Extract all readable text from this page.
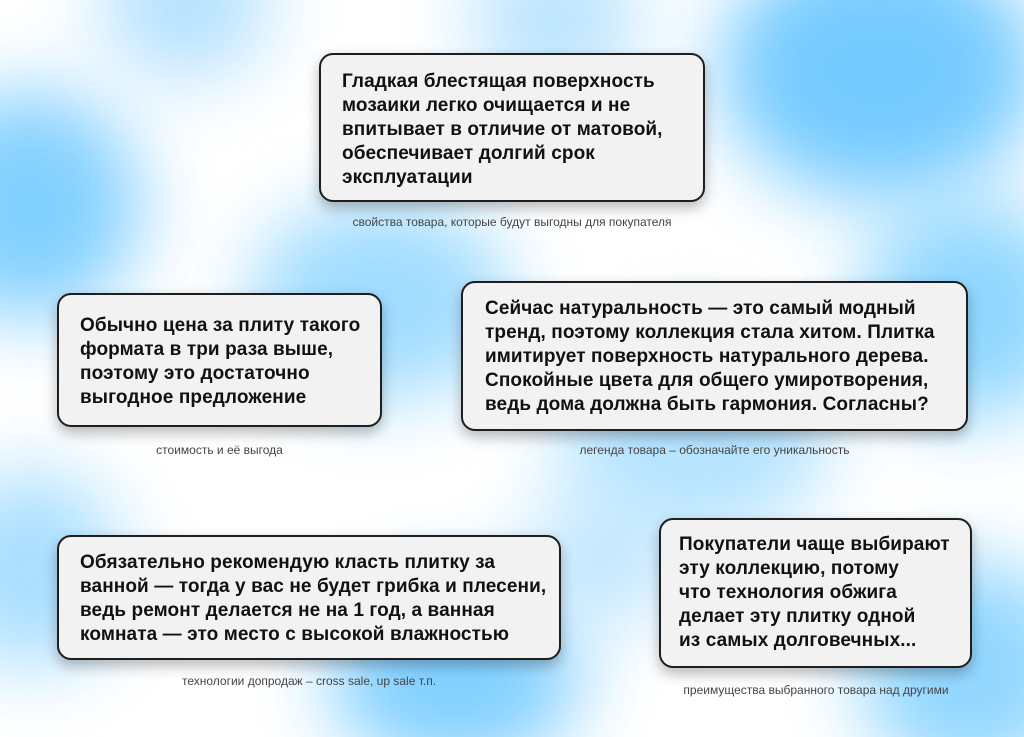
Гладкая блестящая поверхность
мозаики легко очищается и не
впитывает в отличие от матовой,
обеспечивает долгий срок
эксплуатации

свойства товара, которые будут выгодны для покупателя

Обычно цена за плиту такого
формата в три раза выше,
поэтому это достаточно
выгодное предложение

стоимость и её выгода

Сейчас натуральность — это самый модный
тренд, поэтому коллекция стала хитом. Плитка
имитирует поверхность натурального дерева.
Спокойные цвета для общего умиротворения,
ведь дома должна быть гармония. Согласны?

легенда товара – обозначайте его уникальность

Обязательно рекомендую класть плитку за
ванной — тогда у вас не будет грибка и плесени,
ведь ремонт делается не на 1 год, а ванная
комната — это место с высокой влажностью

технологии допродаж – cross sale, up sale т.п.

Покупатели чаще выбирают
эту коллекцию, потому
что технология обжига
делает эту плитку одной
из самых долговечных...

преимущества выбранного товара над другими
